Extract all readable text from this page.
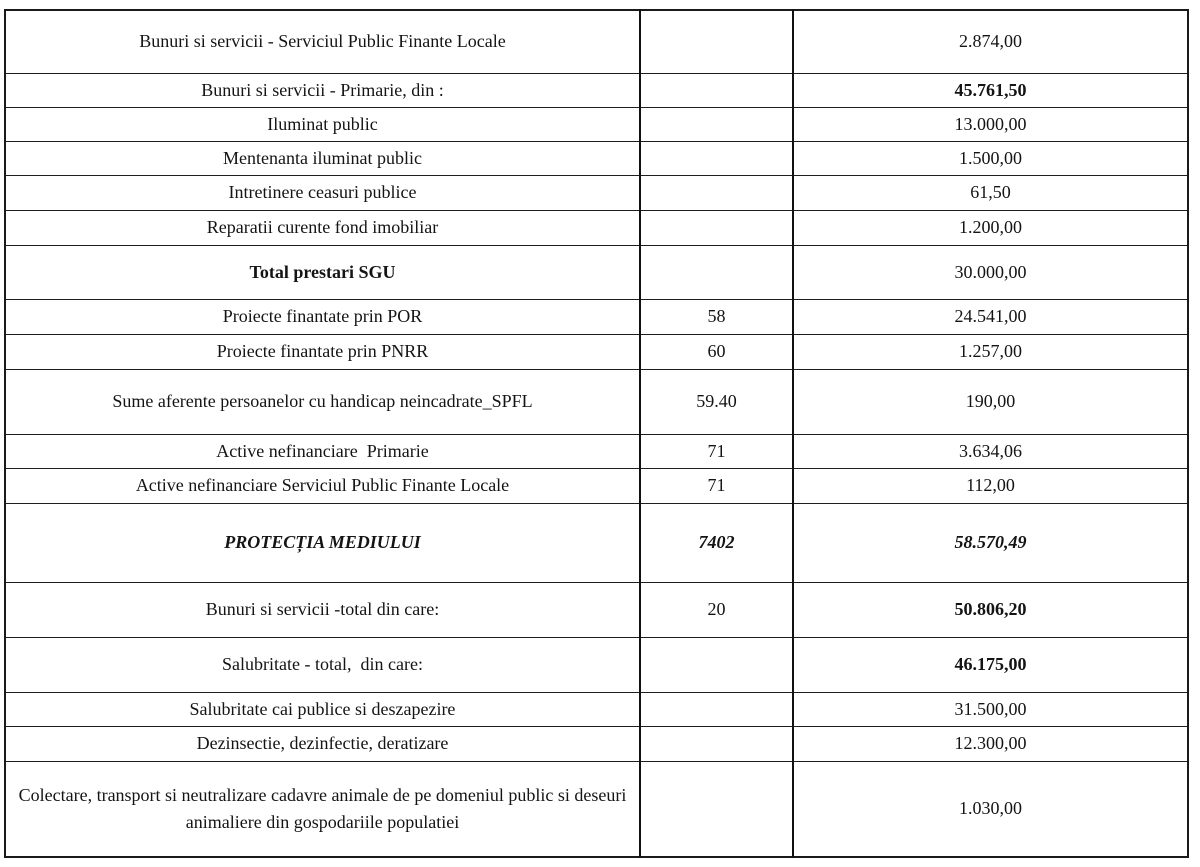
Bunuri si servicii - Serviciul Public Finante Locale		2.874,00
Bunuri si servicii - Primarie, din :		45.761,50
Iluminat public		13.000,00
Mentenanta iluminat public		1.500,00
Intretinere ceasuri publice		61,50
Reparatii curente fond imobiliar		1.200,00
Total prestari SGU		30.000,00
Proiecte finantate prin POR	58	24.541,00
Proiecte finantate prin PNRR	60	1.257,00
Sume aferente persoanelor cu handicap neincadrate_SPFL	59.40	190,00
Active nefinanciare  Primarie	71	3.634,06
Active nefinanciare Serviciul Public Finante Locale	71	112,00
PROTECȚIA MEDIULUI	7402	58.570,49
Bunuri si servicii -total din care:	20	50.806,20
Salubritate - total,  din care:		46.175,00
Salubritate cai publice si deszapezire		31.500,00
Dezinsectie, dezinfectie, deratizare		12.300,00
Colectare, transport si neutralizare cadavre animale de pe domeniul public si deseuri animaliere din gospodariile populatiei		1.030,00
